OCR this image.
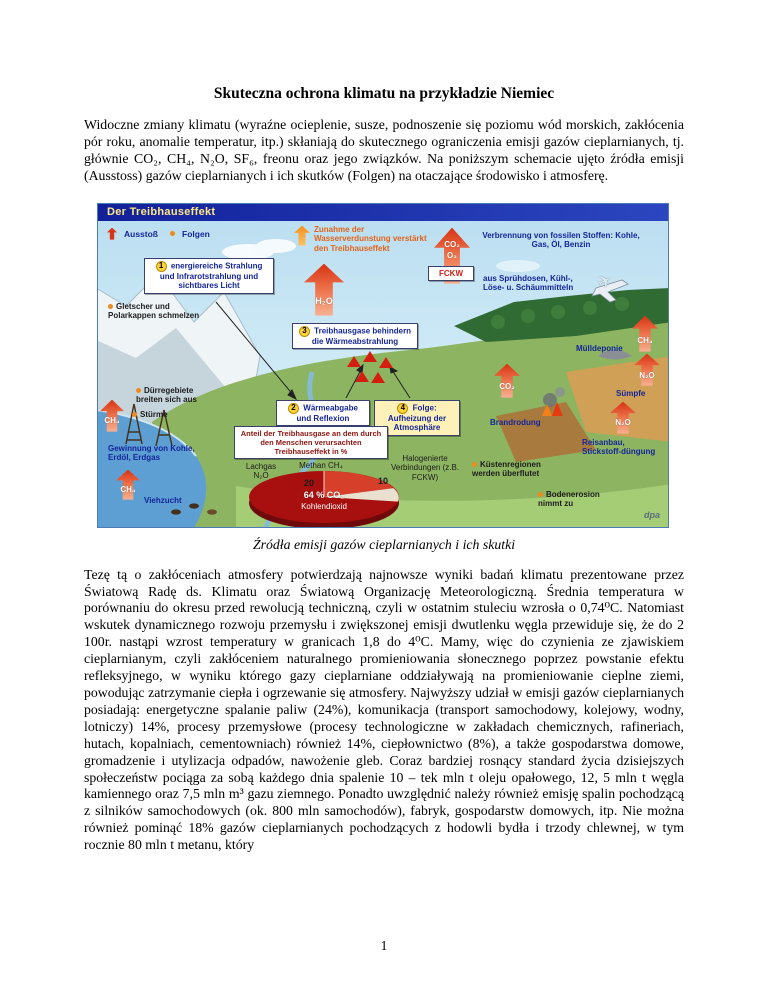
Skuteczna ochrona klimatu na przykładzie Niemiec

Widoczne zmiany klimatu (wyraźne ocieplenie, susze, podnoszenie się poziomu wód morskich, zakłócenia pór roku, anomalie temperatur, itp.) skłaniają do skutecznego ograniczenia emisji gazów cieplarnianych, tj. głównie CO₂, CH₄, N₂O, SF₆, freonu oraz jego związków. Na poniższym schemacie ujęto źródła emisji (Ausstoss) gazów cieplarnianych i ich skutków (Folgen) na otaczające środowisko i atmosferę.

Der Treibhauseffekt
Ausstoß	Folgen	Zunahme der Wasserverdunstung verstärkt den Treibhauseffekt
Verbrennung von fossilen Stoffen: Kohle, Gas, Öl, Benzin
CO₂
O₃
FCKW
aus Sprühdosen, Kühl-, Löse- u. Schäummitteln	✈
1 energiereiche Strahlung und Infrarotstrahlung und sichtbares Licht
Gletscher und Polarkappen schmelzen
H₂O
3 Treibhausgase behindern die Wärmeabstrahlung	CH₄
Mülldeponie
N₂O
Sümpfe
Dürregebiete breiten sich aus
Stürme
2 Wärmeabgabe und Reflexion
4 Folge: Aufheizung der Atmosphäre
CO₂
Brandrodung	N₂O
Reisanbau, Stickstoff-düngung
Gewinnung von Kohle, Erdöl, Erdgas
CH₄
Anteil der Treibhausgase an dem durch den Menschen verursachten Treibhauseffekt in %
Lachgas N₂O
Methan CH₄
Halogenierte Verbindungen (z.B. FCKW)
20	10
64 % CO₂
Kohlendioxid
Küstenregionen werden überflutet
Bodenerosion nimmt zu
Viehzucht
CH₄
dpa

Źródła emisji gazów cieplarnianych i ich skutki

Tezę tą o zakłóceniach atmosfery potwierdzają najnowsze wyniki badań klimatu prezentowane przez Światową Radę ds. Klimatu oraz Światową Organizację Meteorologiczną. Średnia temperatura w porównaniu do okresu przed rewolucją techniczną, czyli w ostatnim stuleciu wzrosła o 0,74⁰C. Natomiast wskutek dynamicznego rozwoju przemysłu i zwiększonej emisji dwutlenku węgla przewiduje się, że do 2 100r. nastąpi wzrost temperatury w granicach 1,8 do 4⁰C. Mamy, więc do czynienia ze zjawiskiem cieplarnianym, czyli zakłóceniem naturalnego promieniowania słonecznego poprzez powstanie efektu refleksyjnego, w wyniku którego gazy cieplarniane oddziaływają na promieniowanie cieplne ziemi, powodując zatrzymanie ciepła i ogrzewanie się atmosfery. Najwyższy udział w emisji gazów cieplarnianych posiadają: energetyczne spalanie paliw (24%), komunikacja (transport samochodowy, kolejowy, wodny, lotniczy) 14%, procesy przemysłowe (procesy technologiczne w zakładach chemicznych, rafineriach, hutach, kopalniach, cementowniach) również 14%, ciepłownictwo (8%), a także gospodarstwa domowe, gromadzenie i utylizacja odpadów, nawożenie gleb. Coraz bardziej rosnący standard życia dzisiejszych społeczeństw pociąga za sobą każdego dnia spalenie 10 – tek mln t oleju opałowego, 12, 5 mln t węgla kamiennego oraz 7,5 mln m³ gazu ziemnego. Ponadto uwzględnić należy również emisję spalin pochodzącą z silników samochodowych (ok. 800 mln samochodów), fabryk, gospodarstw domowych, itp. Nie można również pominąć 18% gazów cieplarnianych pochodzących z hodowli bydła i trzody chlewnej, w tym rocznie 80 mln t metanu, który

1
